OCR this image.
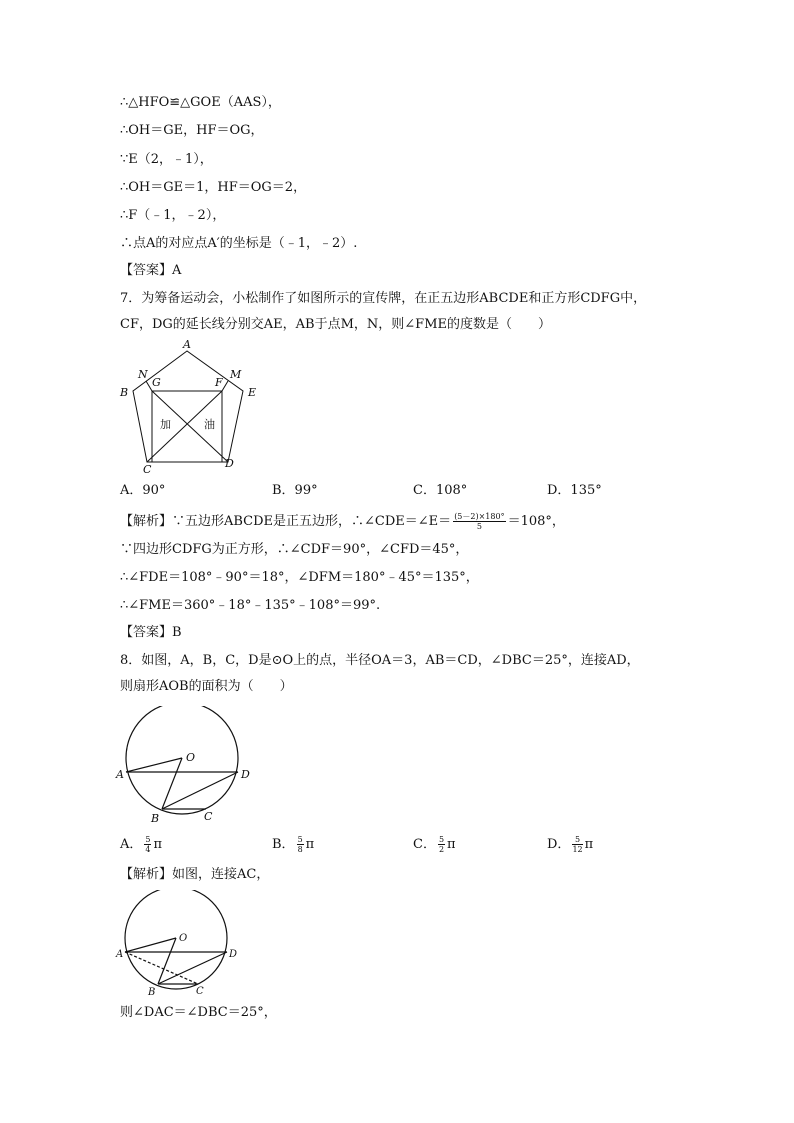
∴△HFO≌△GOE（AAS），
∴OH＝GE，HF＝OG，
∵E（2，﹣1），
∴OH＝GE＝1，HF＝OG＝2，
∴F（﹣1，﹣2），
∴点A的对应点A′的坐标是（﹣1，﹣2）.
【答案】A
7．为筹备运动会，小松制作了如图所示的宣传牌，在正五边形ABCDE和正方形CDFG中，
CF，DG的延长线分别交AE，AB于点M，N，则∠FME的度数是（　　）
A
B
C	D
E
F
G
M
N
加	油
A．90°	B．99°	C．108°	D．135°
【解析】∵五边形ABCDE是正五边形，∴∠CDE＝∠E＝ $\frac{(5-2)\times 180^\circ}{5} =108^\circ$，
∵四边形CDFG为正方形，∴∠CDF＝90°，∠CFD＝45°，
∴∠FDE＝108°﹣90°＝18°，∠DFM＝180°﹣45°＝135°，
∴∠FME＝360°﹣18°﹣135°﹣108°＝99°.
【答案】B
8．如图，A，B，C，D是⊙O上的点，半径OA＝3，AB＝CD，∠DBC＝25°，连接AD，
则扇形AOB的面积为（　　）
O
A	D
B	C
A． $\frac{5}{4}$ π	B． $\frac{5}{8}$ π	C． $\frac{5}{2}$ π	D． $\frac{5}{12}$ π
【解析】如图，连接AC，
O
A	D
B	C
则∠DAC＝∠DBC＝25°，
